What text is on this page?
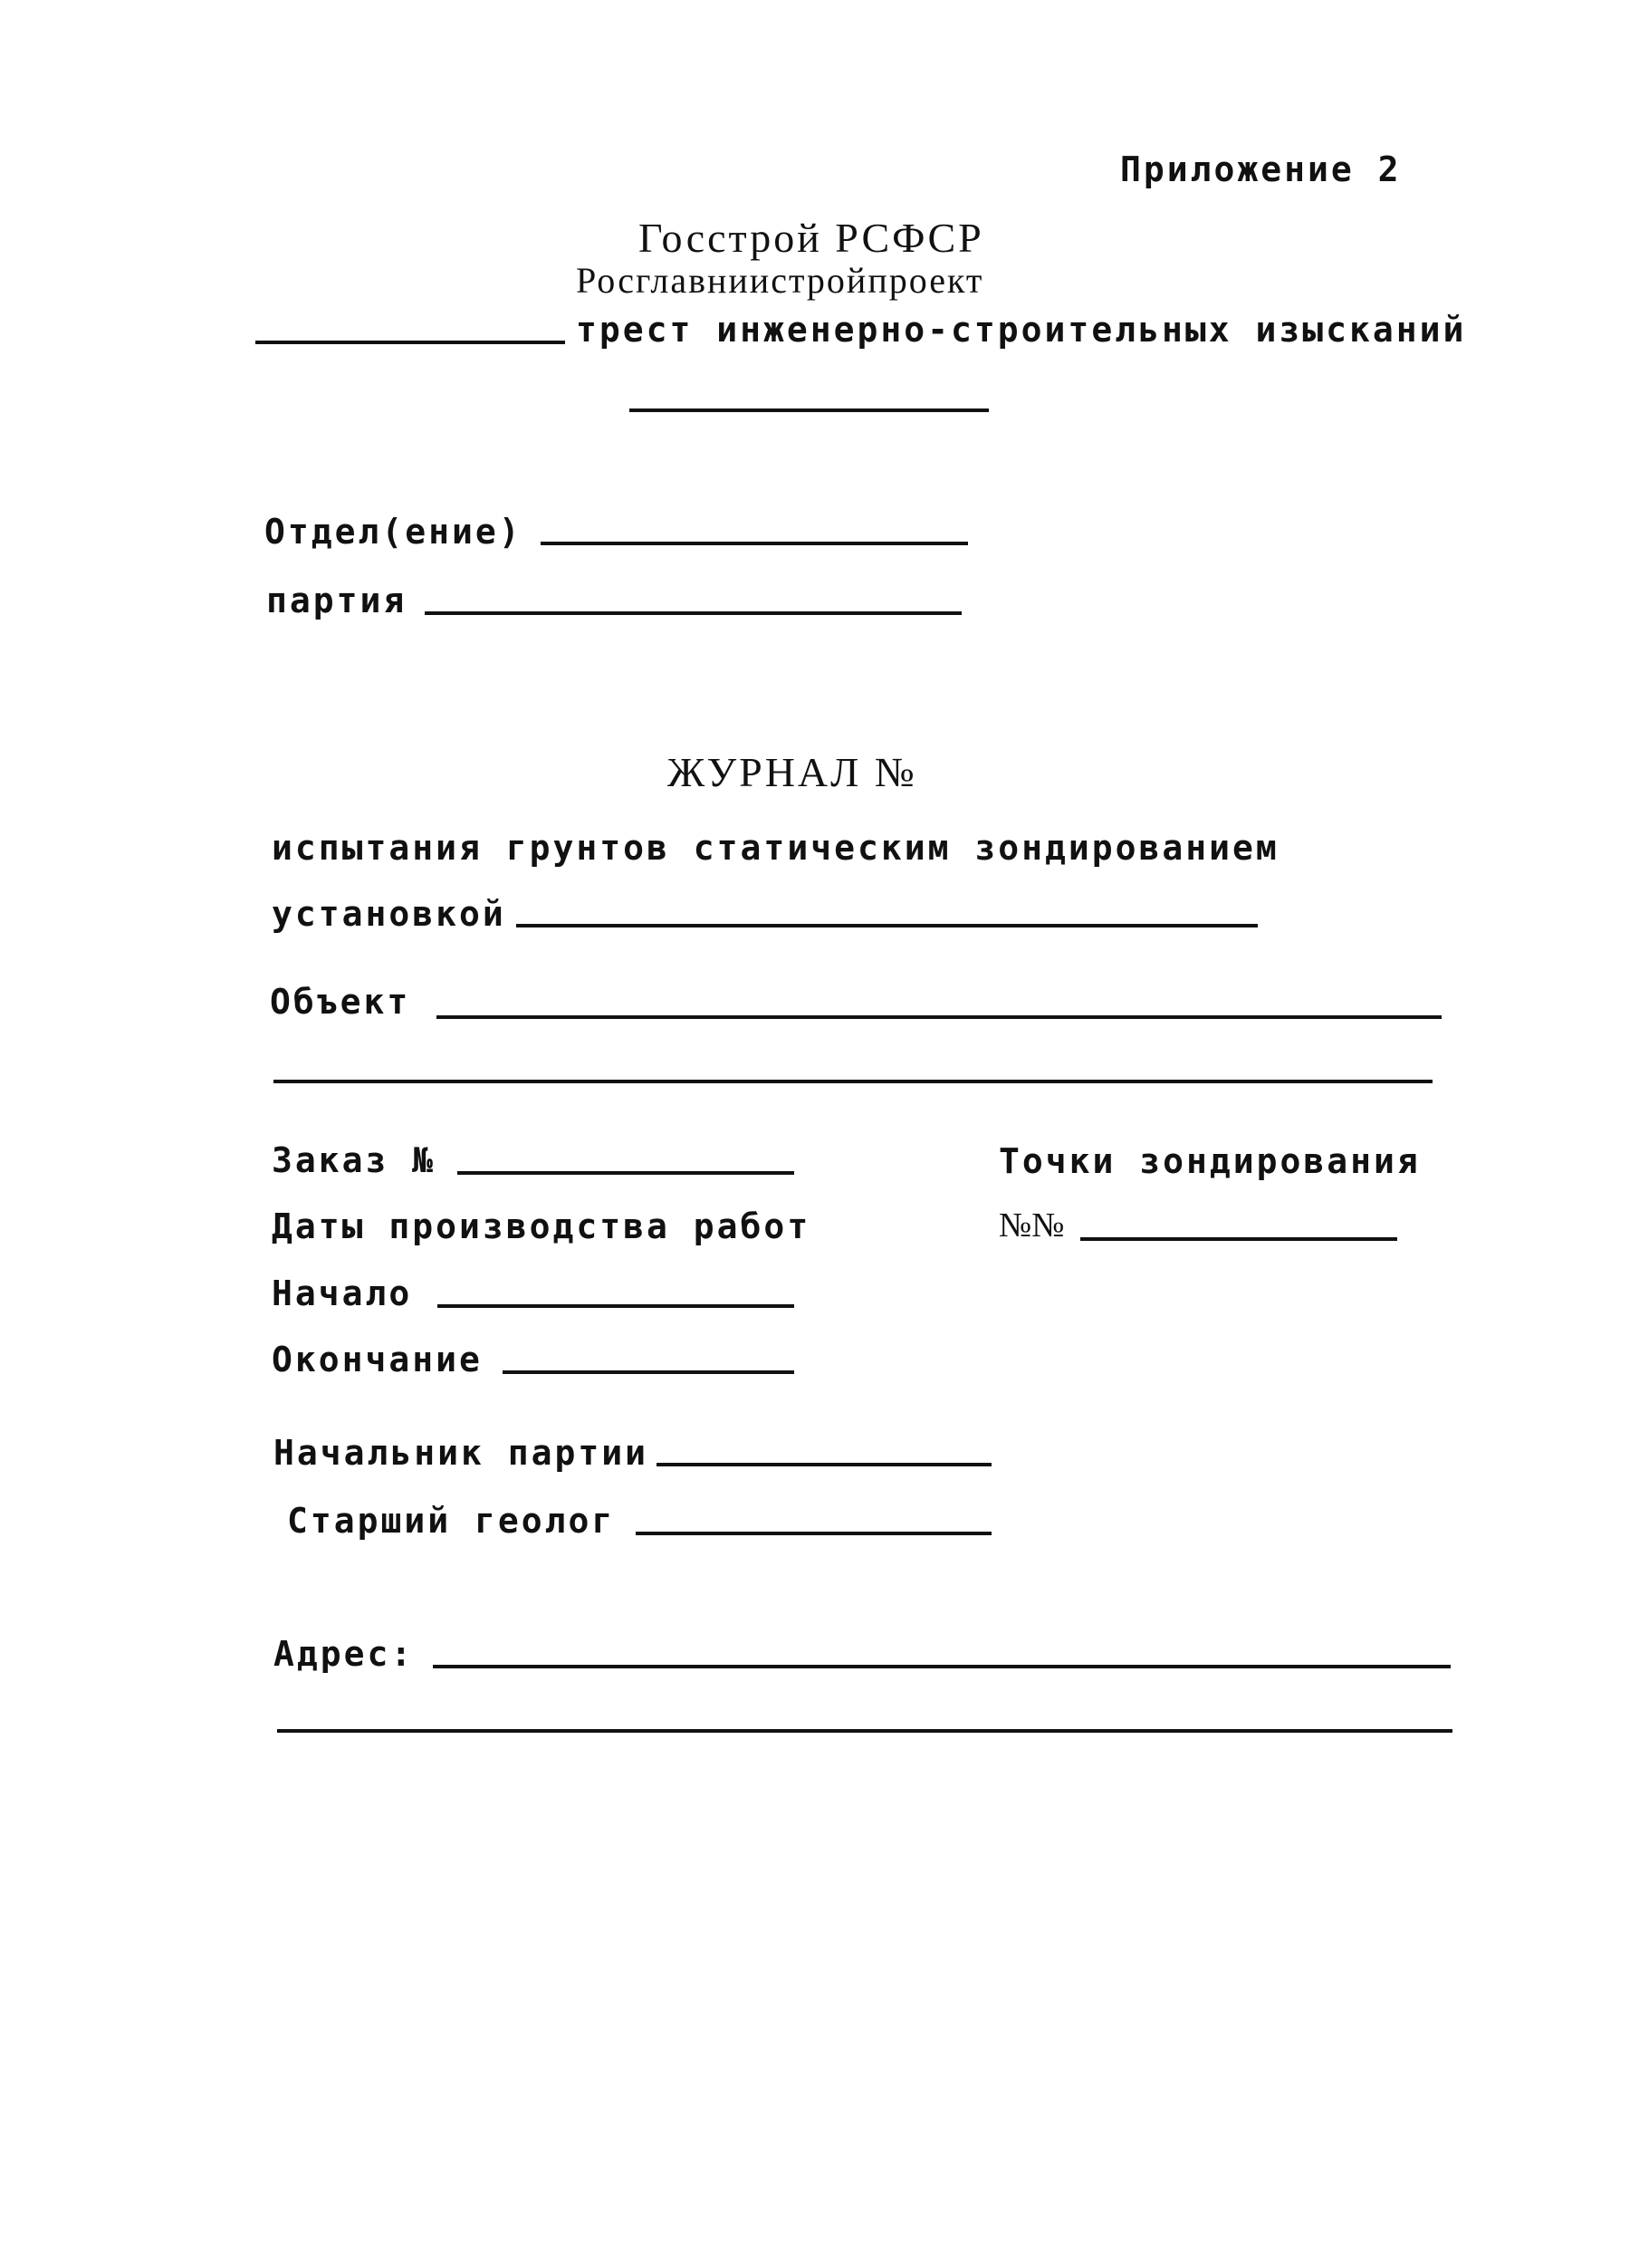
Приложение 2
Госстрой РСФСР
Росглавниистройпроект
трест инженерно-строительных изысканий
Отдел(ение)
партия
ЖУРНАЛ №
испытания грунтов статическим зондированием
установкой
Объект
Заказ №
Даты производства работ
Начало
Окончание
Точки зондирования
№№
Начальник партии
Старший геолог
Адрес:
